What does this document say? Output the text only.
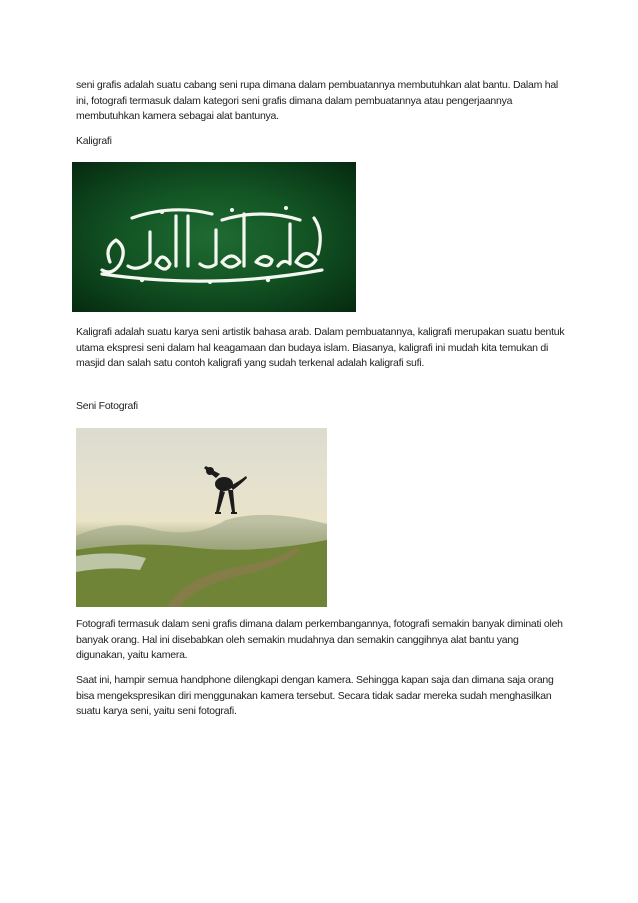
seni grafis adalah suatu cabang seni rupa dimana dalam pembuatannya membutuhkan alat bantu. Dalam hal ini, fotografi termasuk dalam kategori seni grafis dimana dalam pembuatannya atau pengerjaannya membutuhkan kamera sebagai alat bantunya.
Kaligrafi
Kaligrafi adalah suatu karya seni artistik bahasa arab. Dalam pembuatannya, kaligrafi merupakan suatu bentuk utama ekspresi seni dalam hal keagamaan dan budaya islam. Biasanya, kaligrafi ini mudah kita temukan di masjid dan salah satu contoh kaligrafi yang sudah terkenal adalah kaligrafi sufi.
Seni Fotografi
Fotografi termasuk dalam seni grafis dimana dalam perkembangannya, fotografi semakin banyak diminati oleh banyak orang. Hal ini disebabkan oleh semakin mudahnya dan semakin canggihnya alat bantu yang digunakan, yaitu kamera.
Saat ini, hampir semua handphone dilengkapi dengan kamera. Sehingga kapan saja dan dimana saja orang bisa mengekspresikan diri menggunakan kamera tersebut. Secara tidak sadar mereka sudah menghasilkan suatu karya seni, yaitu seni fotografi.
